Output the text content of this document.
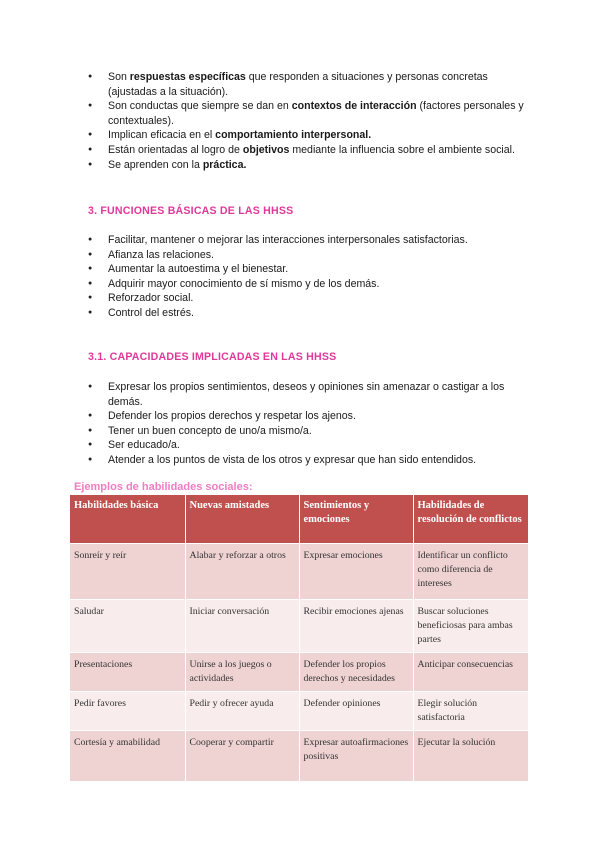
● Son respuestas específicas que responden a situaciones y personas concretas (ajustadas a la situación).
● Son conductas que siempre se dan en contextos de interacción (factores personales y contextuales).
● Implican eficacia en el comportamiento interpersonal.
● Están orientadas al logro de objetivos mediante la influencia sobre el ambiente social.
● Se aprenden con la práctica.
3. FUNCIONES BÁSICAS DE LAS HHSS
● Facilitar, mantener o mejorar las interacciones interpersonales satisfactorias.
● Afianza las relaciones.
● Aumentar la autoestima y el bienestar.
● Adquirir mayor conocimiento de sí mismo y de los demás.
● Reforzador social.
● Control del estrés.
3.1. CAPACIDADES IMPLICADAS EN LAS HHSS
● Expresar los propios sentimientos, deseos y opiniones sin amenazar o castigar a los demás.
● Defender los propios derechos y respetar los ajenos.
● Tener un buen concepto de uno/a mismo/a.
● Ser educado/a.
● Atender a los puntos de vista de los otros y expresar que han sido entendidos.
Ejemplos de habilidades sociales:
Habilidades básica	Nuevas amistades	Sentimientos y emociones	Habilidades de resolución de conflictos
Sonreír y reír	Alabar y reforzar a otros	Expresar emociones	Identificar un conflicto como diferencia de intereses
Saludar	Iniciar conversación	Recibir emociones ajenas	Buscar soluciones beneficiosas para ambas partes
Presentaciones	Unirse a los juegos o actividades	Defender los propios derechos y necesidades	Anticipar consecuencias
Pedir favores	Pedir y ofrecer ayuda	Defender opiniones	Elegir solución satisfactoria
Cortesía y amabilidad	Cooperar y compartir	Expresar autoafirmaciones positivas	Ejecutar la solución
